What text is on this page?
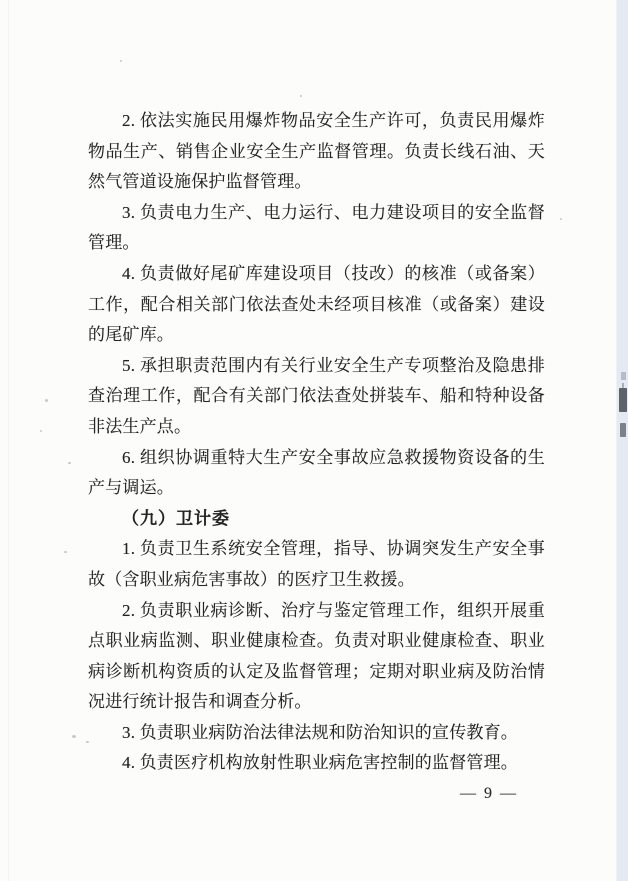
2. 依法实施民用爆炸物品安全生产许可，负责民用爆炸物品生产、销售企业安全生产监督管理。负责长线石油、天然气管道设施保护监督管理。

3. 负责电力生产、电力运行、电力建设项目的安全监督管理。

4. 负责做好尾矿库建设项目（技改）的核准（或备案）工作，配合相关部门依法查处未经项目核准（或备案）建设的尾矿库。

5. 承担职责范围内有关行业安全生产专项整治及隐患排查治理工作，配合有关部门依法查处拼装车、船和特种设备非法生产点。

6. 组织协调重特大生产安全事故应急救援物资设备的生产与调运。

（九）卫计委

1. 负责卫生系统安全管理，指导、协调突发生产安全事故（含职业病危害事故）的医疗卫生救援。

2. 负责职业病诊断、治疗与鉴定管理工作，组织开展重点职业病监测、职业健康检查。负责对职业健康检查、职业病诊断机构资质的认定及监督管理；定期对职业病及防治情况进行统计报告和调查分析。

3. 负责职业病防治法律法规和防治知识的宣传教育。

4. 负责医疗机构放射性职业病危害控制的监督管理。

— 9 —
